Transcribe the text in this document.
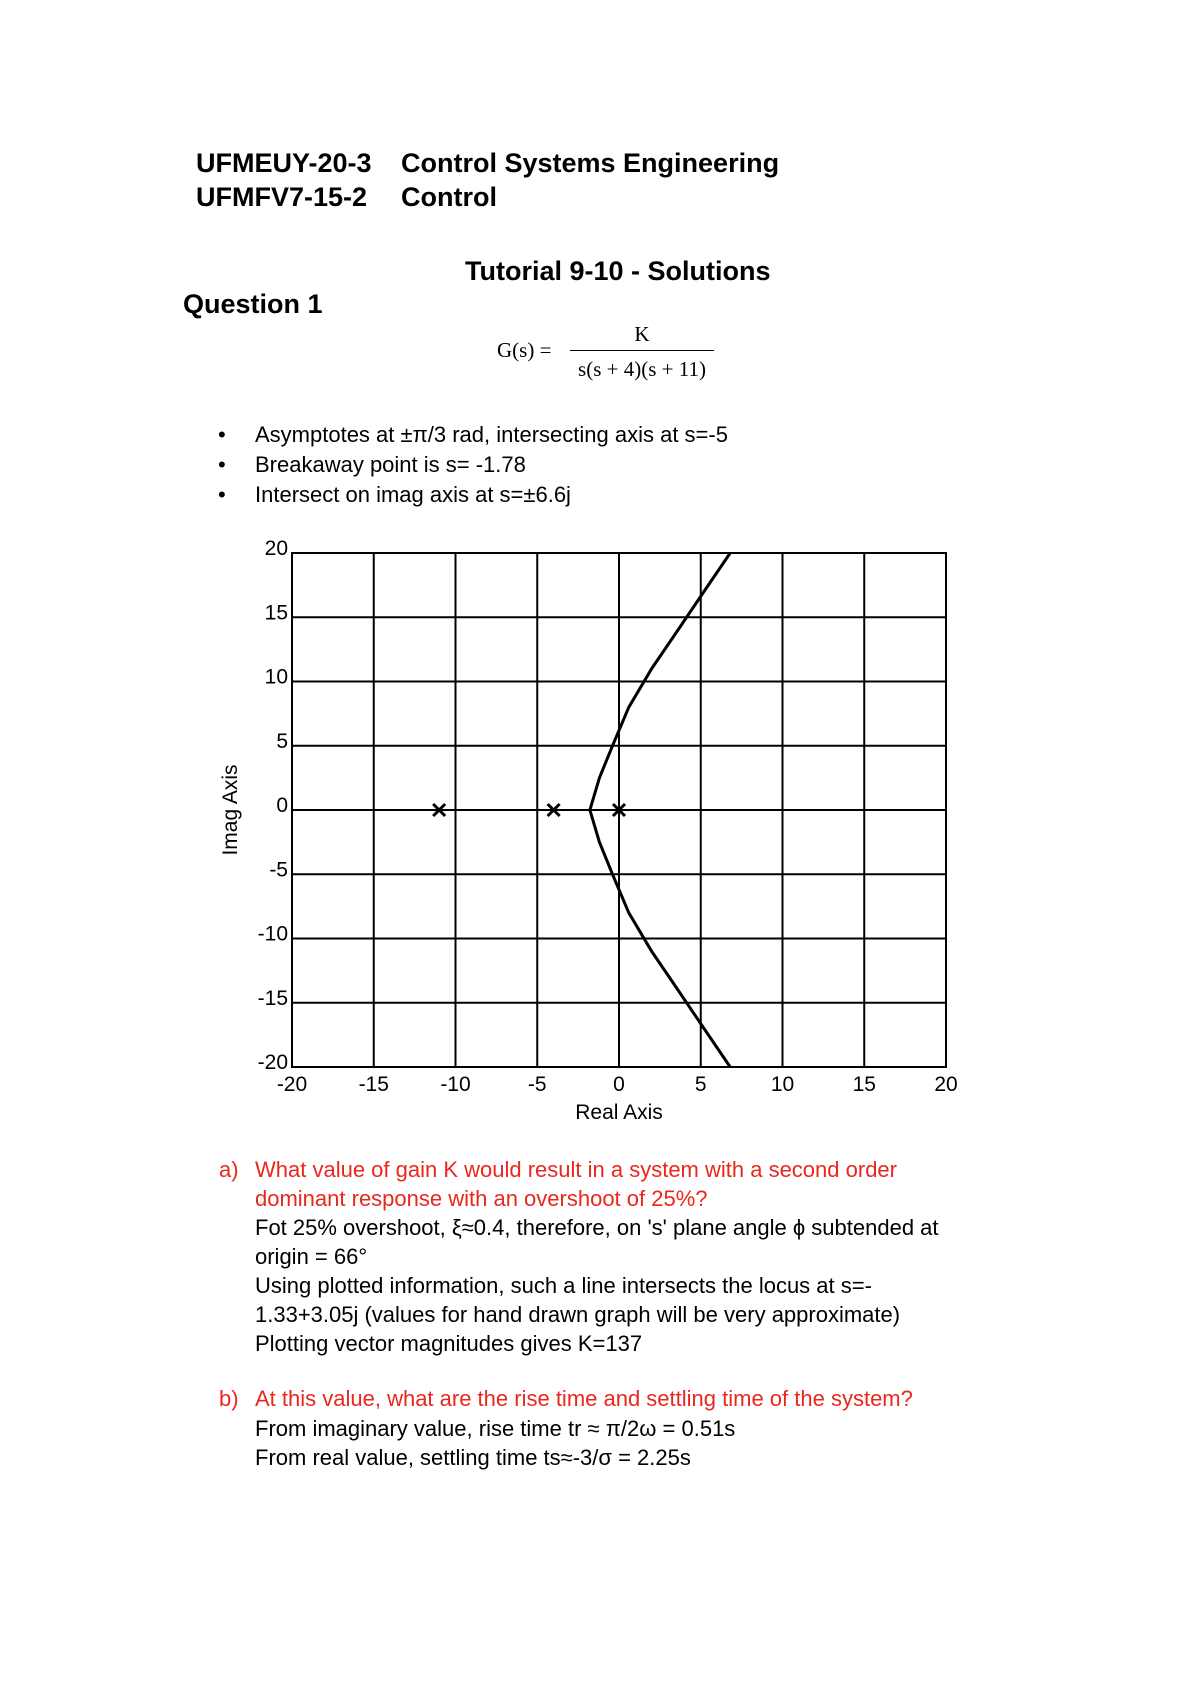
UFMEUY-20-3 Control Systems Engineering
UFMFV7-15-2 Control
Tutorial 9-10 - Solutions
Question 1
G(s) =
K
s(s + 4)(s + 11)
• Asymptotes at ±π/3 rad, intersecting axis at s=-5
• Breakaway point is s= -1.78
• Intersect on imag axis at s=±6.6j
-20 -15 -10	-5	0	5	10	15	20
20
15
10
5
0
-5
-10
-15
-20
Real Axis
Imag Axis
a) What value of gain K would result in a system with a second order
dominant response with an overshoot of 25%?
Fot 25% overshoot, ξ≈0.4, therefore, on 's' plane angle ϕ subtended at
origin = 66°
Using plotted information, such a line intersects the locus at s=-
1.33+3.05j (values for hand drawn graph will be very approximate)
Plotting vector magnitudes gives K=137
b) At this value, what are the rise time and settling time of the system?
From imaginary value, rise time tr ≈ π/2ω = 0.51s
From real value, settling time ts≈-3/σ = 2.25s
